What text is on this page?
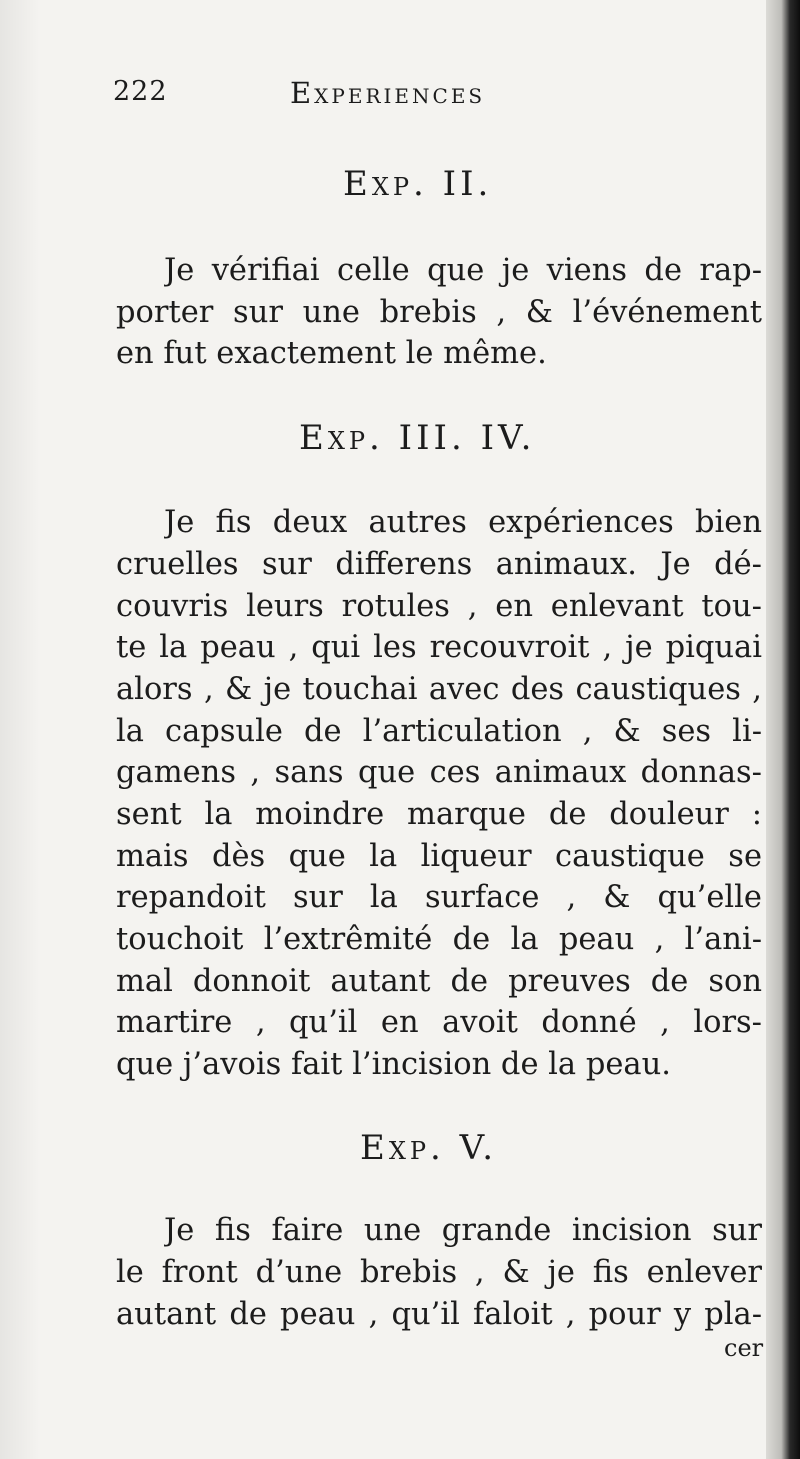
222	Experiences
Exp. II.
Je vérifiai celle que je viens de rap-
porter sur une brebis , & l’événement
en fut exactement le même.
Exp. III. IV.
Je fis deux autres expériences bien
cruelles sur differens animaux. Je dé-
couvris leurs rotules , en enlevant tou-
te la peau , qui les recouvroit , je piquai
alors , & je touchai avec des caustiques ,
la capsule de l’articulation , & ses li-
gamens , sans que ces animaux donnas-
sent la moindre marque de douleur :
mais dès que la liqueur caustique se
repandoit sur la surface , & qu’elle
touchoit l’extrêmité de la peau , l’ani-
mal donnoit autant de preuves de son
martire , qu’il en avoit donné , lors-
que j’avois fait l’incision de la peau.
Exp. V.
Je fis faire une grande incision sur
le front d’une brebis , & je fis enlever
autant de peau , qu’il faloit , pour y pla-
cer
